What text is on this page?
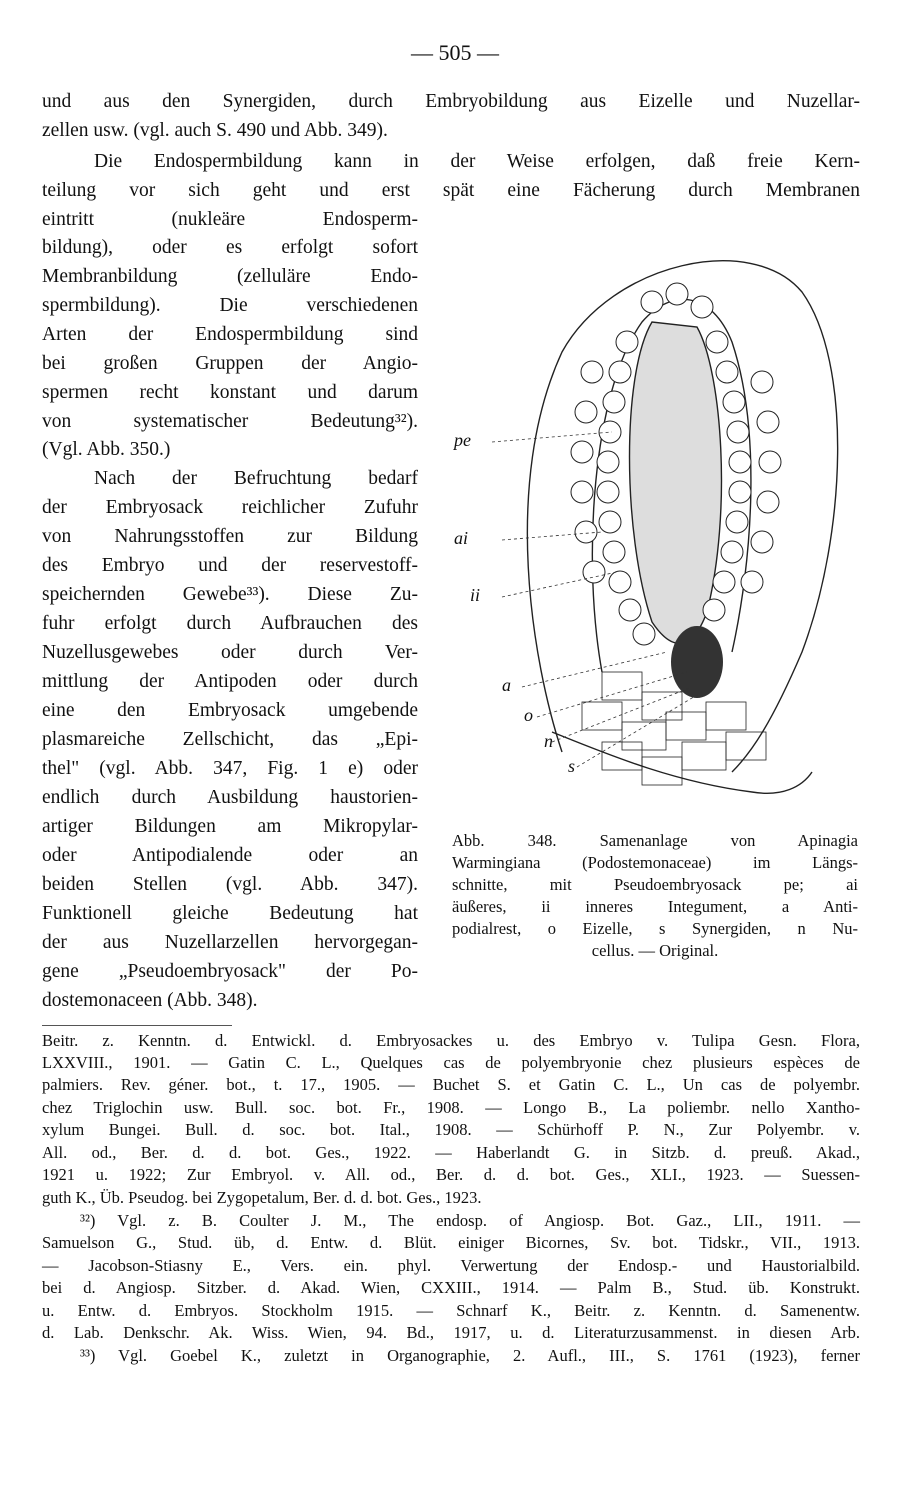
— 505 —
und aus den Synergiden, durch Embryobildung aus Eizelle und Nuzellar-
zellen usw. (vgl. auch S. 490 und Abb. 349).
Die Endospermbildung kann in der Weise erfolgen, daß freie Kern-
teilung vor sich geht und erst spät eine Fächerung durch Membranen
eintritt (nukleäre Endosperm-
bildung), oder es erfolgt sofort
Membranbildung (zelluläre Endo-
spermbildung). Die verschiedenen
Arten der Endospermbildung sind
bei großen Gruppen der Angio-
spermen recht konstant und darum
von systematischer Bedeutung³²).
(Vgl. Abb. 350.)
Nach der Befruchtung bedarf
der Embryosack reichlicher Zufuhr
von Nahrungsstoffen zur Bildung
des Embryo und der reservestoff-
speichernden Gewebe³³). Diese Zu-
fuhr erfolgt durch Aufbrauchen des
Nuzellusgewebes oder durch Ver-
mittlung der Antipoden oder durch
eine den Embryosack umgebende
plasmareiche Zellschicht, das „Epi-
thel" (vgl. Abb. 347, Fig. 1 e) oder
endlich durch Ausbildung haustorien-
artiger Bildungen am Mikropylar-
oder Antipodialende oder an
beiden Stellen (vgl. Abb. 347).
Funktionell gleiche Bedeutung hat
der aus Nuzellarzellen hervorgegan-
gene „Pseudoembryosack" der Po-
dostemonaceen (Abb. 348).
pe
ai
ii
a
o
n
s
Abb. 348. Samenanlage von Apinagia
Warmingiana (Podostemonaceae) im Längs-
schnitte, mit Pseudoembryosack pe; ai
äußeres, ii inneres Integument, a Anti-
podialrest, o Eizelle, s Synergiden, n Nu-
cellus. — Original.
Beitr. z. Kenntn. d. Entwickl. d. Embryosackes u. des Embryo v. Tulipa Gesn. Flora,
LXXVIII., 1901. — Gatin C. L., Quelques cas de polyembryonie chez plusieurs espèces de
palmiers. Rev. géner. bot., t. 17., 1905. — Buchet S. et Gatin C. L., Un cas de polyembr.
chez Triglochin usw. Bull. soc. bot. Fr., 1908. — Longo B., La poliembr. nello Xantho-
xylum Bungei. Bull. d. soc. bot. Ital., 1908. — Schürhoff P. N., Zur Polyembr. v.
All. od., Ber. d. d. bot. Ges., 1922. — Haberlandt G. in Sitzb. d. preuß. Akad.,
1921 u. 1922; Zur Embryol. v. All. od., Ber. d. d. bot. Ges., XLI., 1923. — Suessen-
guth K., Üb. Pseudog. bei Zygopetalum, Ber. d. d. bot. Ges., 1923.
³²) Vgl. z. B. Coulter J. M., The endosp. of Angiosp. Bot. Gaz., LII., 1911. —
Samuelson G., Stud. üb, d. Entw. d. Blüt. einiger Bicornes, Sv. bot. Tidskr., VII., 1913.
— Jacobson-Stiasny E., Vers. ein. phyl. Verwertung der Endosp.- und Haustorialbild.
bei d. Angiosp. Sitzber. d. Akad. Wien, CXXIII., 1914. — Palm B., Stud. üb. Konstrukt.
u. Entw. d. Embryos. Stockholm 1915. — Schnarf K., Beitr. z. Kenntn. d. Samenentw.
d. Lab. Denkschr. Ak. Wiss. Wien, 94. Bd., 1917, u. d. Literaturzusammenst. in diesen Arb.
³³) Vgl. Goebel K., zuletzt in Organographie, 2. Aufl., III., S. 1761 (1923), ferner
